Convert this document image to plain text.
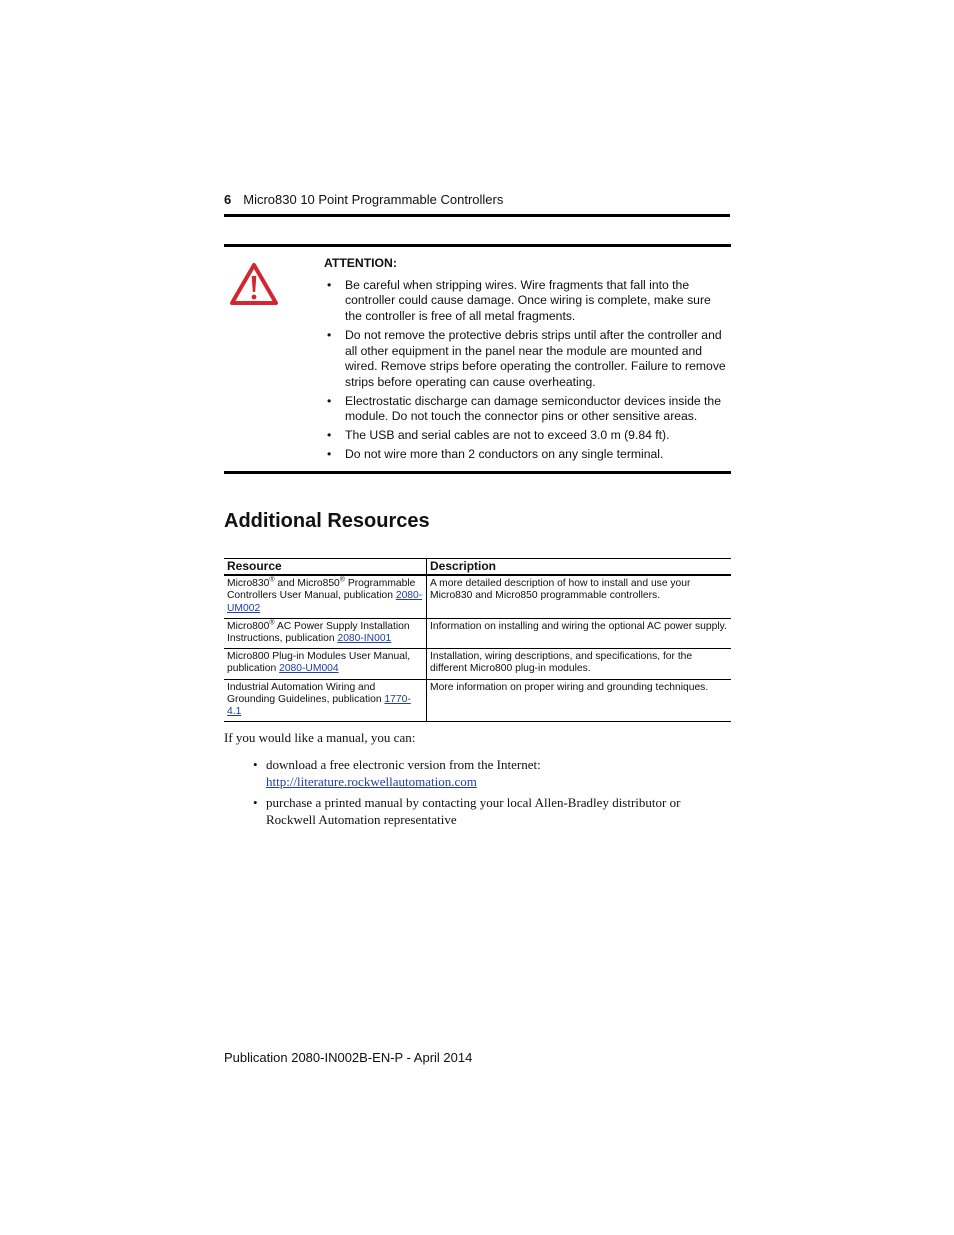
6 Micro830 10 Point Programmable Controllers
ATTENTION:
• Be careful when stripping wires. Wire fragments that fall into the controller could cause damage. Once wiring is complete, make sure the controller is free of all metal fragments.
• Do not remove the protective debris strips until after the controller and all other equipment in the panel near the module are mounted and wired. Remove strips before operating the controller. Failure to remove strips before operating can cause overheating.
• Electrostatic discharge can damage semiconductor devices inside the module. Do not touch the connector pins or other sensitive areas.
• The USB and serial cables are not to exceed 3.0 m (9.84 ft).
• Do not wire more than 2 conductors on any single terminal.
Additional Resources
Resource	Description
Micro830® and Micro850® Programmable Controllers User Manual, publication 2080-UM002	A more detailed description of how to install and use your Micro830 and Micro850 programmable controllers.
Micro800® AC Power Supply Installation Instructions, publication 2080-IN001	Information on installing and wiring the optional AC power supply.
Micro800 Plug-in Modules User Manual, publication 2080-UM004	Installation, wiring descriptions, and specifications, for the different Micro800 plug-in modules.
Industrial Automation Wiring and Grounding Guidelines, publication 1770-4.1	More information on proper wiring and grounding techniques.

If you would like a manual, you can:

• download a free electronic version from the Internet:
http://literature.rockwellautomation.com
• purchase a printed manual by contacting your local Allen-Bradley distributor or Rockwell Automation representative
Publication 2080-IN002B-EN-P - April 2014
